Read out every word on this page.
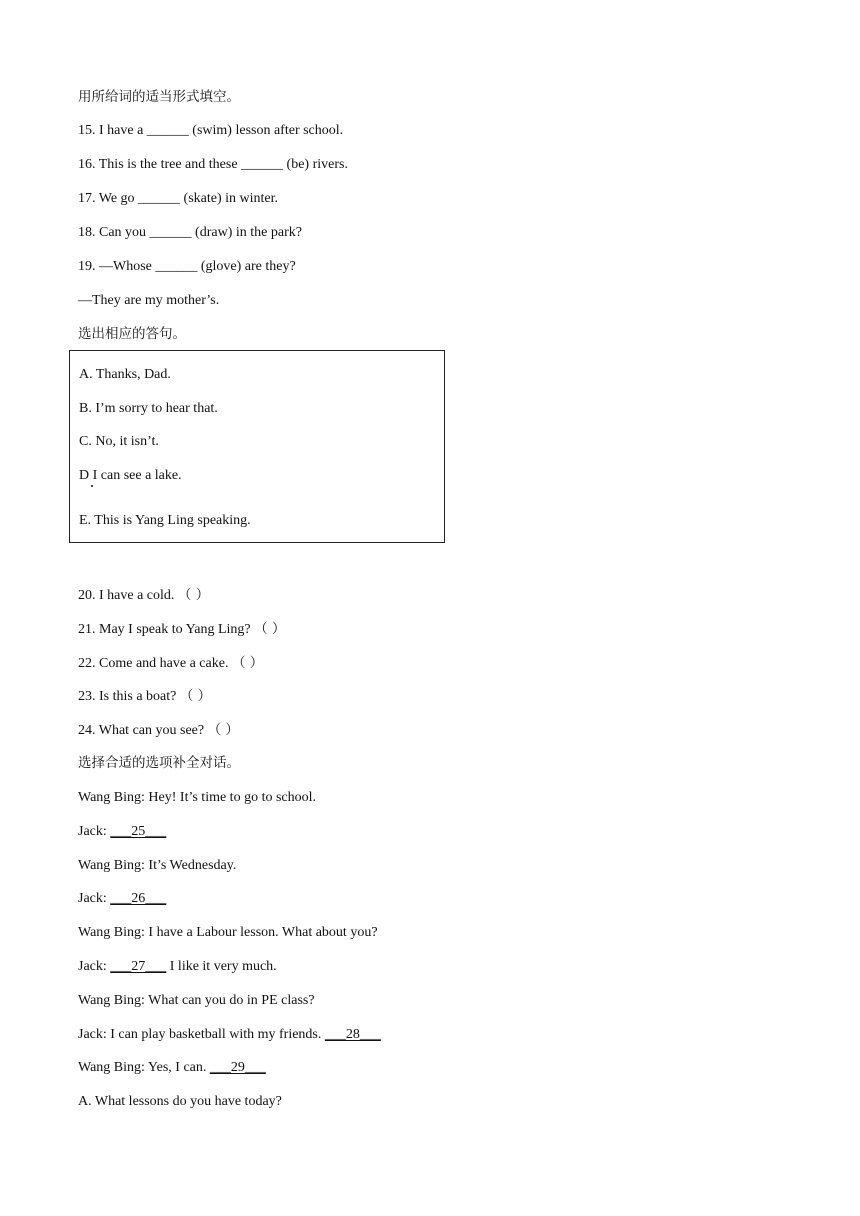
用所给词的适当形式填空。
15. I have a ______ (swim) lesson after school.
16. This is the tree and these ______ (be) rivers.
17. We go ______ (skate) in winter.
18. Can you ______ (draw) in the park?
19. —Whose ______ (glove) are they?
—They are my mother’s.
选出相应的答句。
A. Thanks, Dad.
B. I’m sorry to hear that.
C. No, it isn’t.
D I can see a lake.
E. This is Yang Ling speaking.
20. I have a cold. （ ）
21. May I speak to Yang Ling? （ ）
22. Come and have a cake. （ ）
23. Is this a boat? （ ）
24. What can you see? （ ）
选择合适的选项补全对话。
Wang Bing: Hey! It’s time to go to school.
Jack: ___25___
Wang Bing: It’s Wednesday.
Jack: ___26___
Wang Bing: I have a Labour lesson. What about you?
Jack: ___27___ I like it very much.
Wang Bing: What can you do in PE class?
Jack: I can play basketball with my friends. ___28___
Wang Bing: Yes, I can. ___29___
A. What lessons do you have today?
